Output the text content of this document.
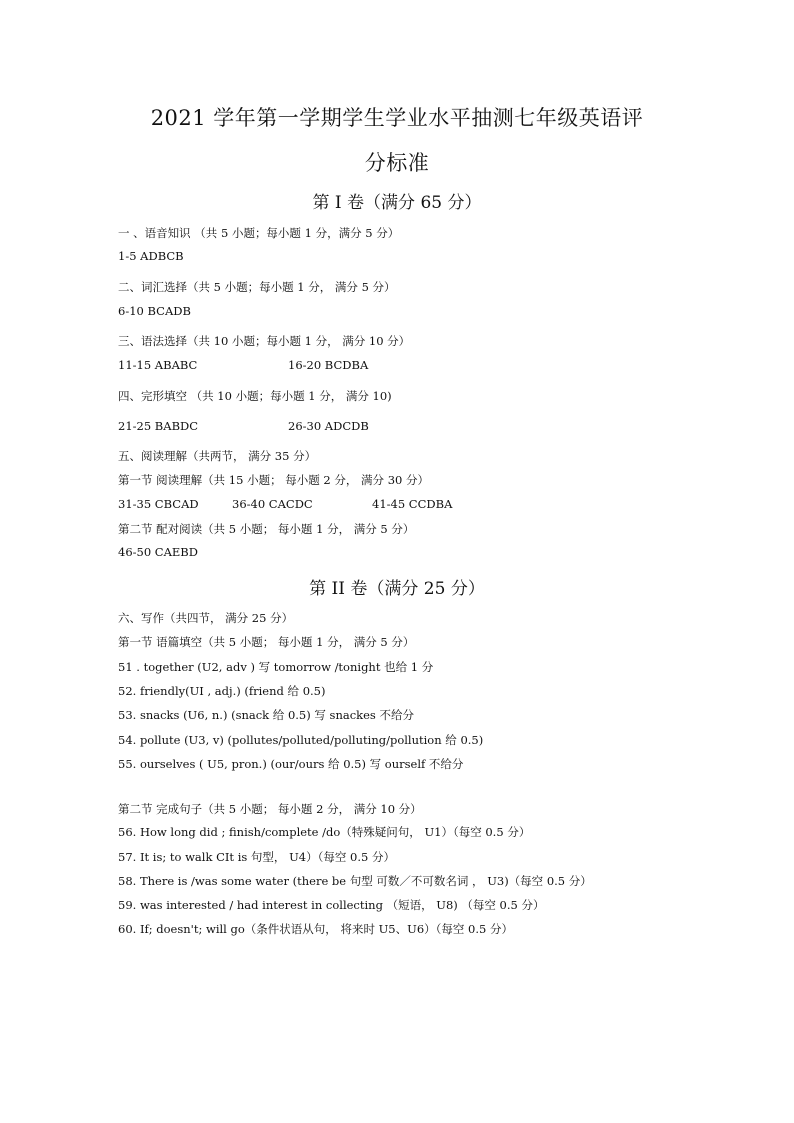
2021 学年第一学期学生学业水平抽测七年级英语评
分标准
第 I 卷（满分 65 分）
一 、语音知识 （共 5 小题；每小题 1 分，满分 5 分）
1-5 ADBCB
二、词汇选择（共 5 小题；每小题 1 分， 满分 5 分）
6-10 BCADB
三、语法选择（共 10 小题；每小题 1 分， 满分 10 分）
11-15 ABABC	16-20 BCDBA
四、完形填空 （共 10 小题；每小题 1 分， 满分 10)
21-25 BABDC	26-30 ADCDB
五、阅读理解（共两节， 满分 35 分）
第一节 阅读理解（共 15 小题； 每小题 2 分， 满分 30 分）
31-35 CBCAD	36-40 CACDC	41-45 CCDBA
第二节 配对阅读（共 5 小题； 每小题 1 分， 满分 5 分）
46-50 CAEBD
第 II 卷（满分 25 分）
六、写作（共四节， 满分 25 分）
第一节 语篇填空（共 5 小题； 每小题 1 分， 满分 5 分）
51 . together (U2, adv ) 写 tomorrow /tonight 也给 1 分
52. friendly(UI , adj.) (friend 给 0.5)
53. snacks (U6, n.) (snack 给 0.5) 写 snackes 不给分
54. pollute (U3, v) (pollutes/polluted/polluting/pollution 给 0.5)
55. ourselves ( U5, pron.) (our/ours 给 0.5) 写 ourself 不给分
第二节 完成句子（共 5 小题； 每小题 2 分， 满分 10 分）
56. How long did ; finish/complete /do（特殊疑问句， U1）（每空 0.5 分）
57. It is; to walk CIt is 句型， U4）（每空 0.5 分）
58. There is /was some water (there be 句型 可数／不可数名词 ， U3)（每空 0.5 分）
59. was interested / had interest in collecting （短语， U8) （每空 0.5 分）
60. If; doesn't; will go（条件状语从句， 将来时 U5、U6）（每空 0.5 分）
